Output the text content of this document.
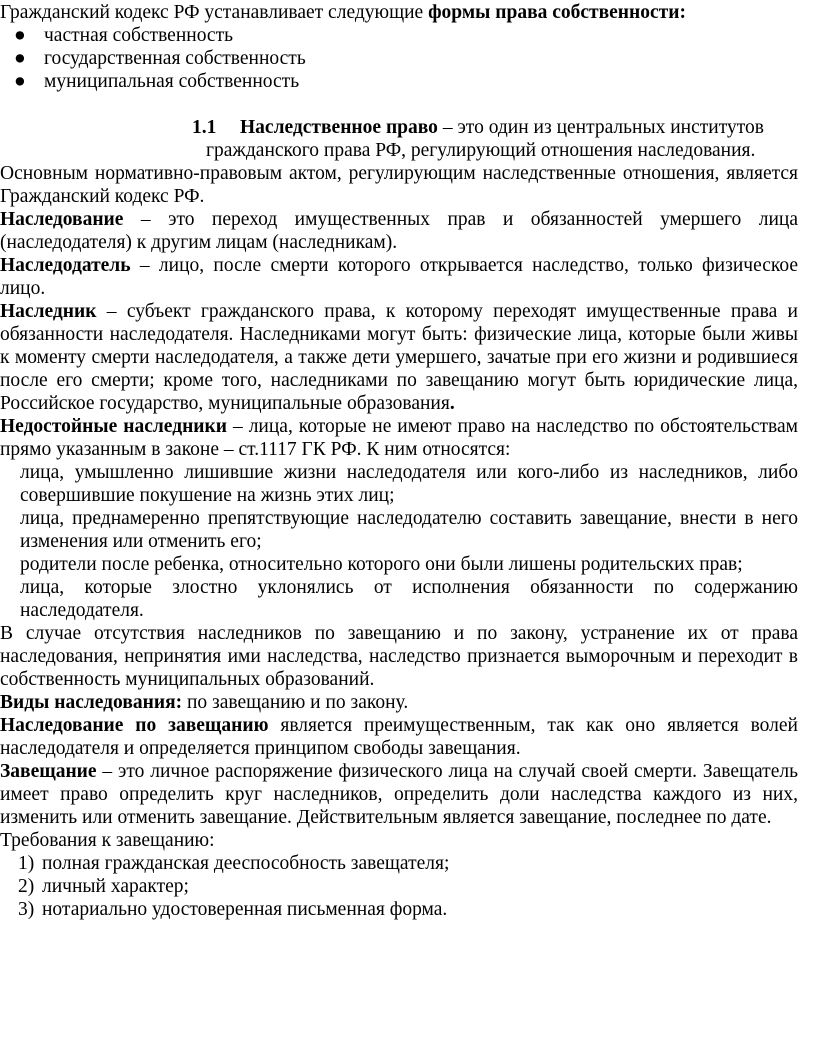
Гражданский кодекс РФ устанавливает следующие формы права собственности:

● частная собственность
● государственная собственность
● муниципальная собственность

1.1 Наследственное право – это один из центральных институтов гражданского права РФ, регулирующий отношения наследования.

Основным нормативно-правовым актом, регулирующим наследственные отношения, является Гражданский кодекс РФ.

Наследование – это переход имущественных прав и обязанностей умершего лица (наследодателя) к другим лицам (наследникам).

Наследодатель – лицо, после смерти которого открывается наследство, только физическое лицо.

Наследник – субъект гражданского права, к которому переходят имущественные права и обязанности наследодателя. Наследниками могут быть: физические лица, которые были живы к моменту смерти наследодателя, а также дети умершего, зачатые при его жизни и родившиеся после его смерти; кроме того, наследниками по завещанию могут быть юридические лица, Российское государство, муниципальные образования.

Недостойные наследники – лица, которые не имеют право на наследство по обстоятельствам прямо указанным в законе – ст.1117 ГК РФ. К ним относятся:

лица, умышленно лишившие жизни наследодателя или кого-либо из наследников, либо совершившие покушение на жизнь этих лиц;
лица, преднамеренно препятствующие наследодателю составить завещание, внести в него изменения или отменить его;
родители после ребенка, относительно которого они были лишены родительских прав;
лица, которые злостно уклонялись от исполнения обязанности по содержанию наследодателя.

В случае отсутствия наследников по завещанию и по закону, устранение их от права наследования, непринятия ими наследства, наследство признается выморочным и переходит в собственность муниципальных образований.

Виды наследования: по завещанию и по закону.

Наследование по завещанию является преимущественным, так как оно является волей наследодателя и определяется принципом свободы завещания.

Завещание – это личное распоряжение физического лица на случай своей смерти. Завещатель имеет право определить круг наследников, определить доли наследства каждого из них, изменить или отменить завещание. Действительным является завещание, последнее по дате.

Требования к завещанию:

1) полная гражданская дееспособность завещателя;
2) личный характер;
3) нотариально удостоверенная письменная форма.
